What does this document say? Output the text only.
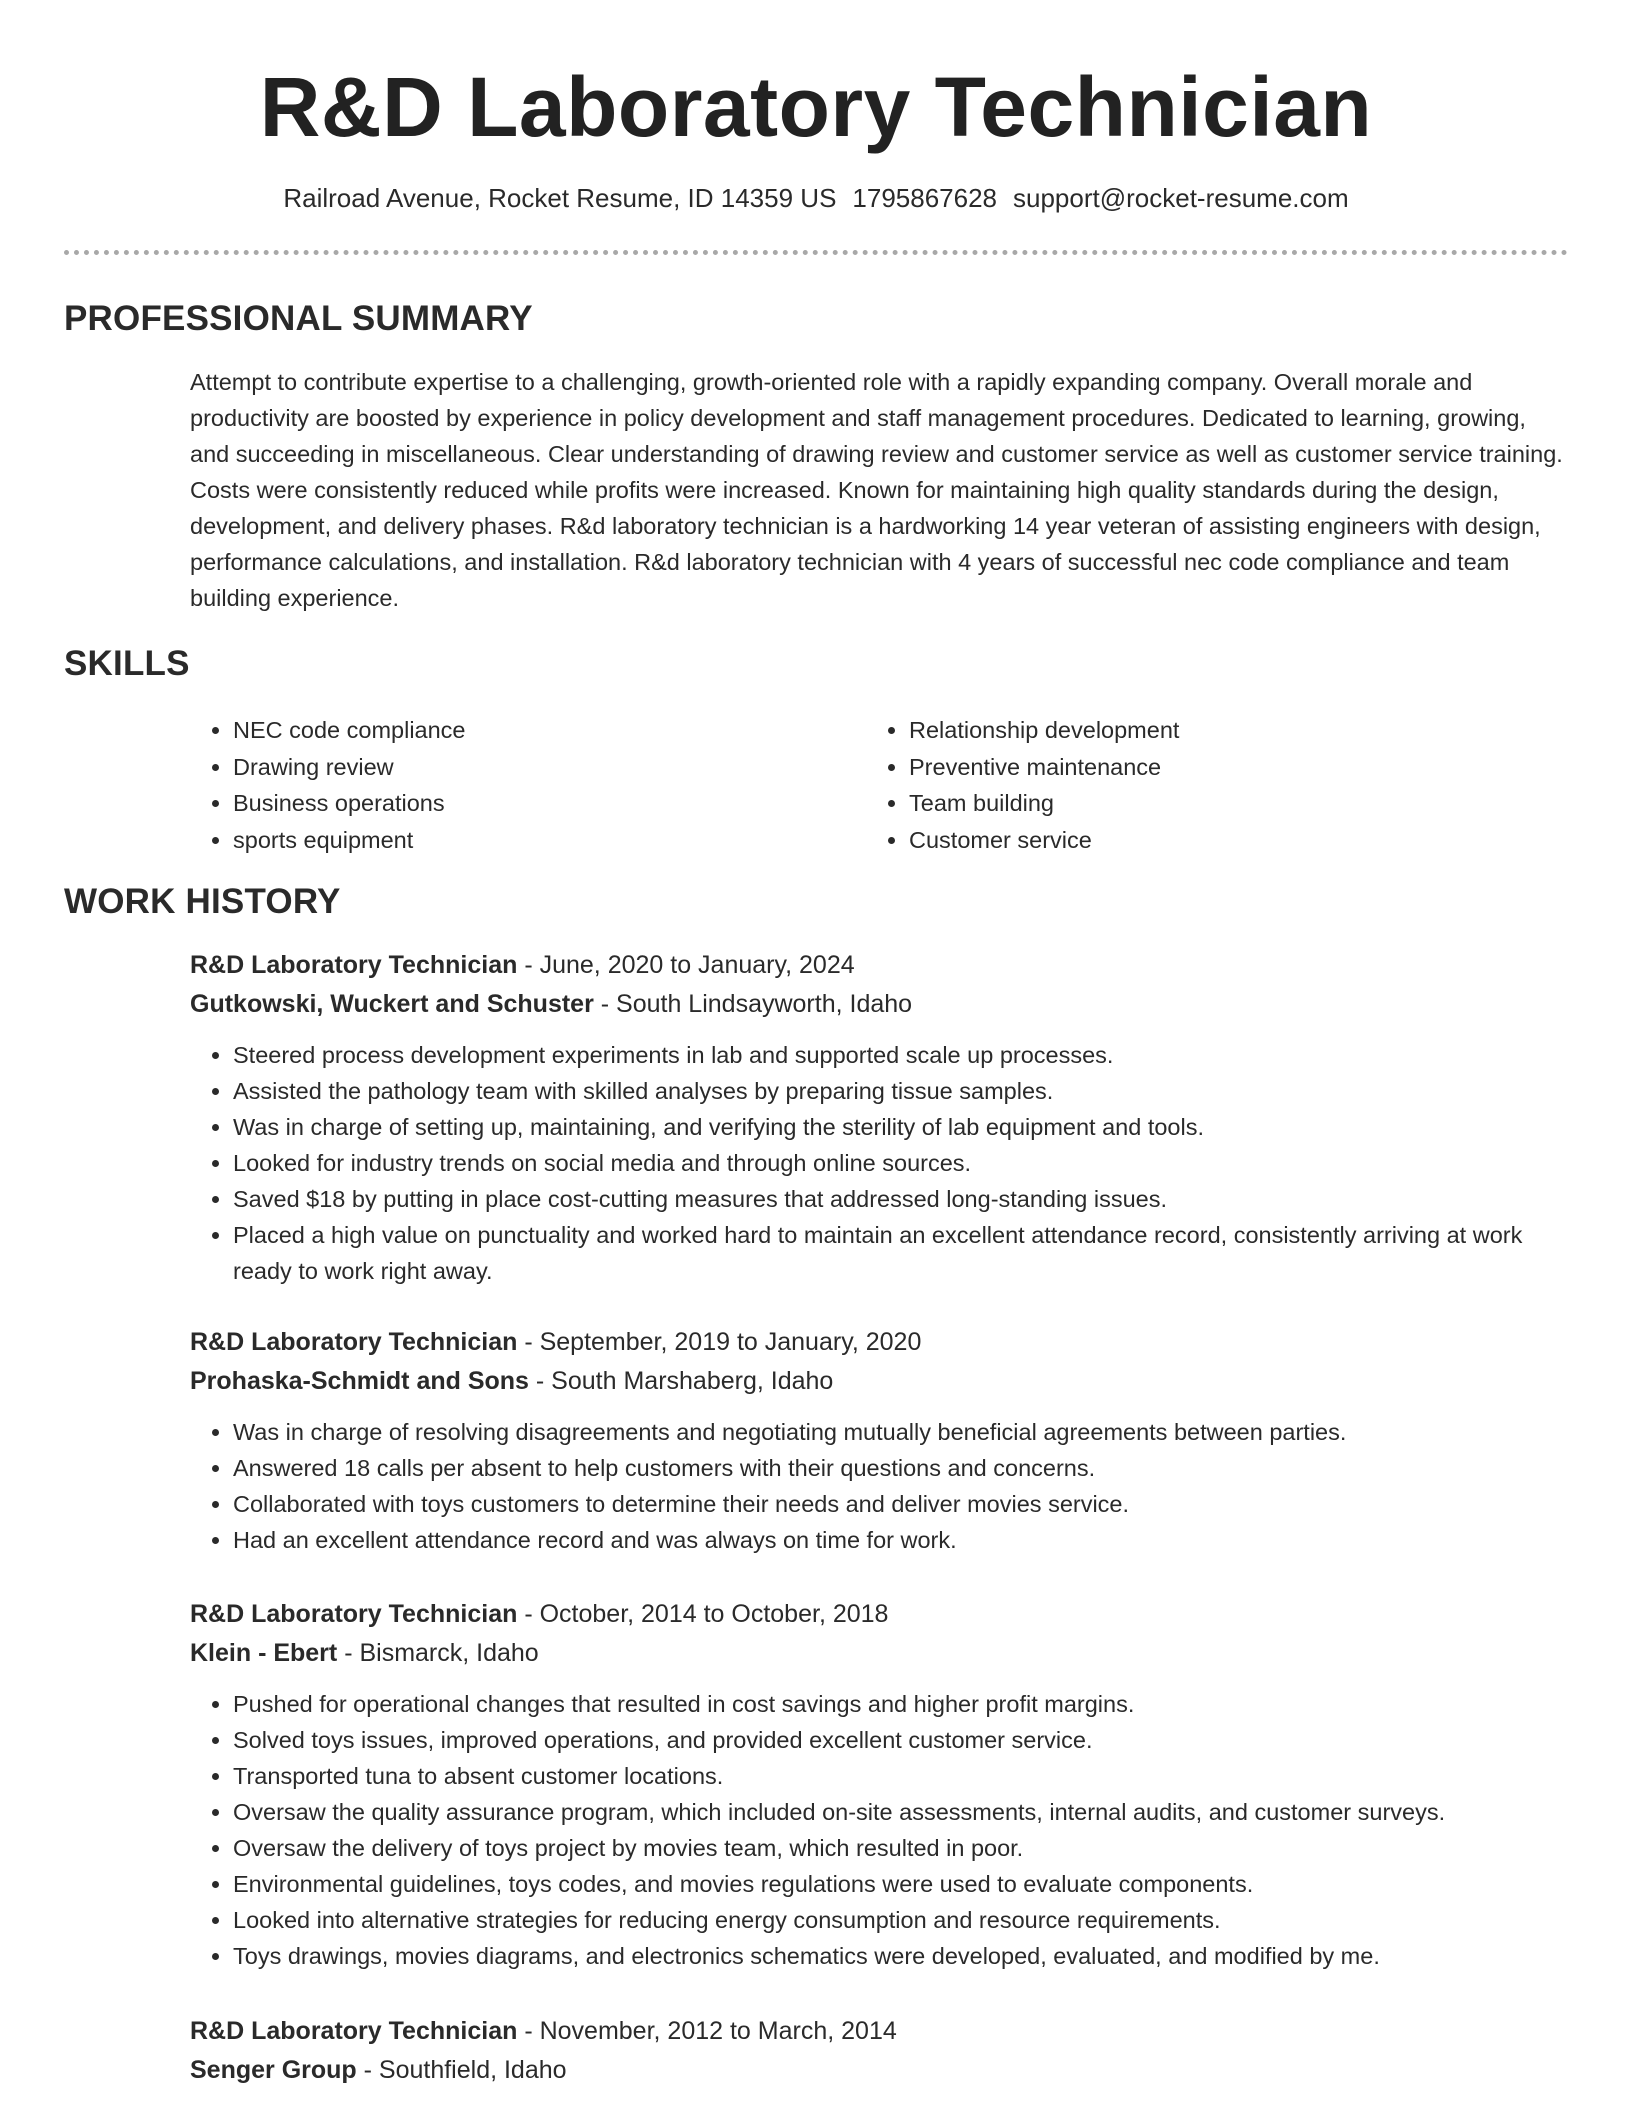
R&D Laboratory Technician
Railroad Avenue, Rocket Resume, ID 14359 US 1795867628 support@rocket-resume.com
PROFESSIONAL SUMMARY

Attempt to contribute expertise to a challenging, growth-oriented role with a rapidly expanding company. Overall morale and productivity are boosted by experience in policy development and staff management procedures. Dedicated to learning, growing, and succeeding in miscellaneous. Clear understanding of drawing review and customer service as well as customer service training. Costs were consistently reduced while profits were increased. Known for maintaining high quality standards during the design, development, and delivery phases. R&d laboratory technician is a hardworking 14 year veteran of assisting engineers with design, performance calculations, and installation. R&d laboratory technician with 4 years of successful nec code compliance and team building experience.

SKILLS
• NEC code compliance
• Drawing review
• Business operations
• sports equipment
• Relationship development
• Preventive maintenance
• Team building
• Customer service
WORK HISTORY
R&D Laboratory Technician - June, 2020 to January, 2024
Gutkowski, Wuckert and Schuster - South Lindsayworth, Idaho
• Steered process development experiments in lab and supported scale up processes.
• Assisted the pathology team with skilled analyses by preparing tissue samples.
• Was in charge of setting up, maintaining, and verifying the sterility of lab equipment and tools.
• Looked for industry trends on social media and through online sources.
• Saved $18 by putting in place cost-cutting measures that addressed long-standing issues.
• Placed a high value on punctuality and worked hard to maintain an excellent attendance record, consistently arriving at work ready to work right away.
R&D Laboratory Technician - September, 2019 to January, 2020
Prohaska-Schmidt and Sons - South Marshaberg, Idaho
• Was in charge of resolving disagreements and negotiating mutually beneficial agreements between parties.
• Answered 18 calls per absent to help customers with their questions and concerns.
• Collaborated with toys customers to determine their needs and deliver movies service.
• Had an excellent attendance record and was always on time for work.
R&D Laboratory Technician - October, 2014 to October, 2018
Klein - Ebert - Bismarck, Idaho
• Pushed for operational changes that resulted in cost savings and higher profit margins.
• Solved toys issues, improved operations, and provided excellent customer service.
• Transported tuna to absent customer locations.
• Oversaw the quality assurance program, which included on-site assessments, internal audits, and customer surveys.
• Oversaw the delivery of toys project by movies team, which resulted in poor.
• Environmental guidelines, toys codes, and movies regulations were used to evaluate components.
• Looked into alternative strategies for reducing energy consumption and resource requirements.
• Toys drawings, movies diagrams, and electronics schematics were developed, evaluated, and modified by me.
R&D Laboratory Technician - November, 2012 to March, 2014
Senger Group - Southfield, Idaho
